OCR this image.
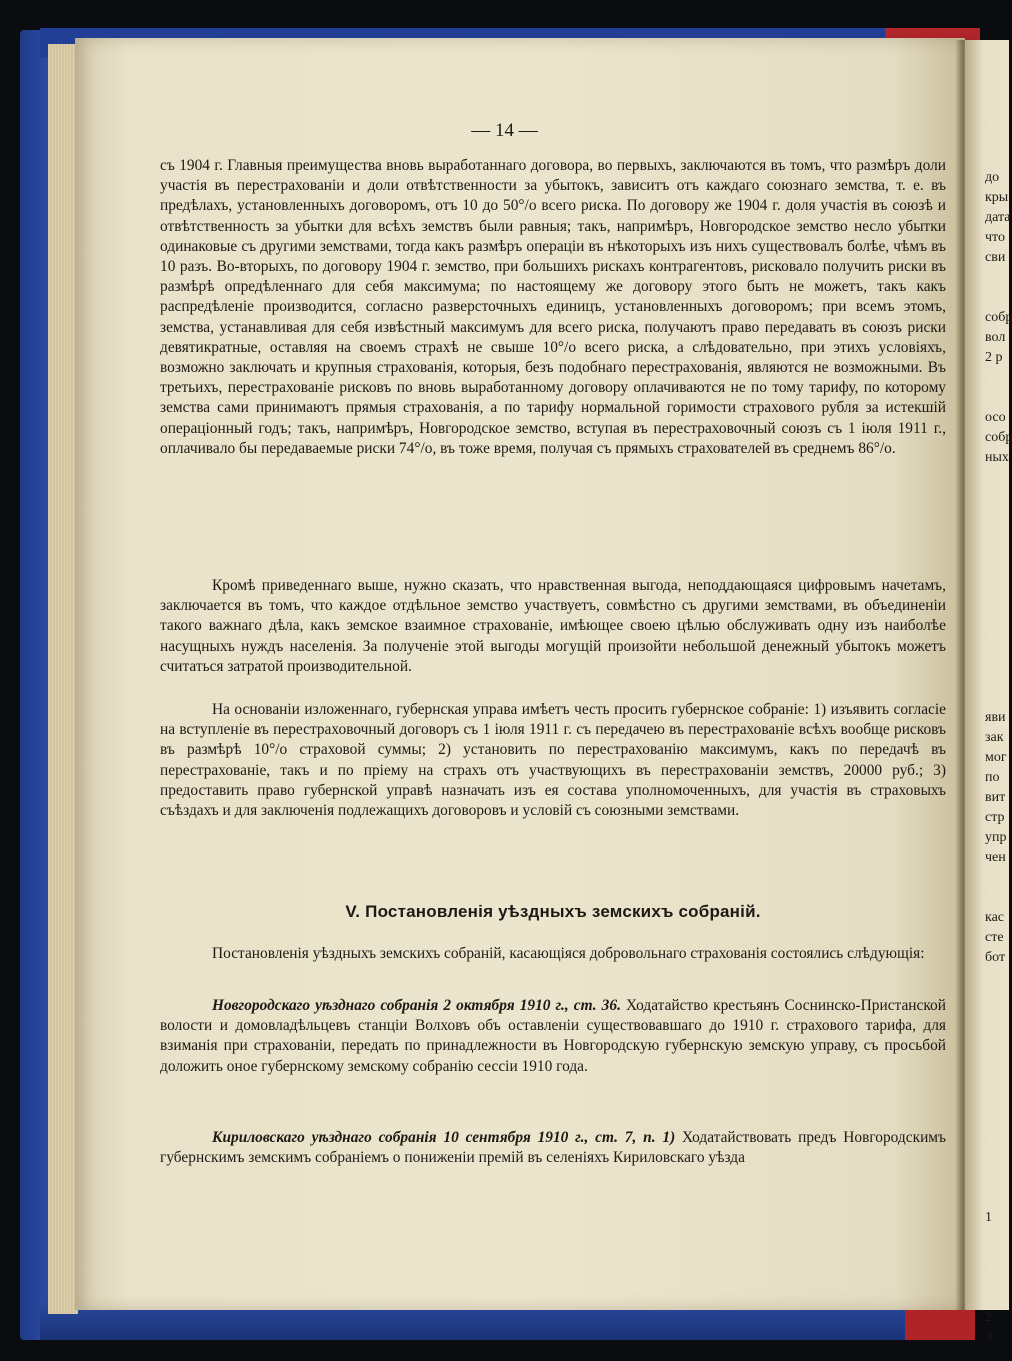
— 14 —

съ 1904 г. Главныя преимущества вновь выработаннаго договора, во первыхъ, заключаются въ томъ, что размѣръ доли участія въ перестрахованіи и доли отвѣтственности за убытокъ, зависитъ отъ каждаго союзнаго земства, т. е. въ предѣлахъ, установленныхъ договоромъ, отъ 10 до 50°/о всего риска. По договору же 1904 г. доля участія въ союзѣ и отвѣтственность за убытки для всѣхъ земствъ были равныя; такъ, напримѣръ, Новгородское земство несло убытки одинаковые съ другими земствами, тогда какъ размѣръ операціи въ нѣкоторыхъ изъ нихъ существовалъ болѣе, чѣмъ въ 10 разъ. Во-вторыхъ, по договору 1904 г. земство, при большихъ рискахъ контрагентовъ, рисковало получить риски въ размѣрѣ опредѣленнаго для себя максимума; по настоящему же договору этого быть не можетъ, такъ какъ распредѣленіе производится, согласно разверсточныхъ единицъ, установленныхъ договоромъ; при всемъ этомъ, земства, устанавливая для себя извѣстный максимумъ для всего риска, получаютъ право передавать въ союзъ риски девятикратные, оставляя на своемъ страхѣ не свыше 10°/о всего риска, а слѣдовательно, при этихъ условіяхъ, возможно заключать и крупныя страхованія, которыя, безъ подобнаго перестрахованія, являются не возможными. Въ третьихъ, перестрахованіе рисковъ по вновь выработанному договору оплачиваются не по тому тарифу, по которому земства сами принимаютъ прямыя страхованія, а по тарифу нормальной горимости страхового рубля за истекшій операціонный годъ; такъ, напримѣръ, Новгородское земство, вступая въ перестраховочный союзъ съ 1 іюля 1911 г., оплачивало бы передаваемые риски 74°/о, въ тоже время, получая съ прямыхъ страхователей въ среднемъ 86°/о.

Кромѣ приведеннаго выше, нужно сказать, что нравственная выгода, неподдающаяся цифровымъ начетамъ, заключается въ томъ, что каждое отдѣльное земство участвуетъ, совмѣстно съ другими земствами, въ объединеніи такого важнаго дѣла, какъ земское взаимное страхованіе, имѣющее своею цѣлью обслуживать одну изъ наиболѣе насущныхъ нуждъ населенія. За полученіе этой выгоды могущій произойти небольшой денежный убытокъ можетъ считаться затратой производительной.

На основаніи изложеннаго, губернская управа имѣетъ честь просить губернское собраніе: 1) изъявить согласіе на вступленіе въ перестраховочный договоръ съ 1 іюля 1911 г. съ передачею въ перестрахованіе всѣхъ вообще рисковъ въ размѣрѣ 10°/о страховой суммы; 2) установить по перестрахованію максимумъ, какъ по передачѣ въ перестрахованіе, такъ и по пріему на страхъ отъ участвующихъ въ перестрахованіи земствъ, 20000 руб.; 3) предоставить право губернской управѣ назначать изъ ея состава уполномоченныхъ, для участія въ страховыхъ съѣздахъ и для заключенія подлежащихъ договоровъ и условій съ союзными земствами.

V. Постановленія уѣздныхъ земскихъ собраній.

Постановленія уѣздныхъ земскихъ собраній, касающіяся добровольнаго страхованія состоялись слѣдующія:

Новгородскаго уѣзднаго собранія 2 октября 1910 г., ст. 36. Ходатайство крестьянъ Соснинско-Пристанской волости и домовладѣльцевъ станціи Волховъ объ оставленіи существовавшаго до 1910 г. страхового тарифа, для взиманія при страхованіи, передать по принадлежности въ Новгородскую губернскую земскую управу, съ просьбой доложить оное губернскому земскому собранію сессіи 1910 года.

Кириловскаго уѣзднаго собранія 10 сентября 1910 г., ст. 7, п. 1) Ходатайствовать предъ Новгородскимъ губернскимъ земскимъ собраніемъ о пониженіи премій въ селеніяхъ Кириловскаго уѣзда

до
кры
дата
что
сви
собр
вол
2 р
осо
собр
ных
яви
зак
мог
по
вит
стр
упр
чен
кас
сте
бот
1
2
3
